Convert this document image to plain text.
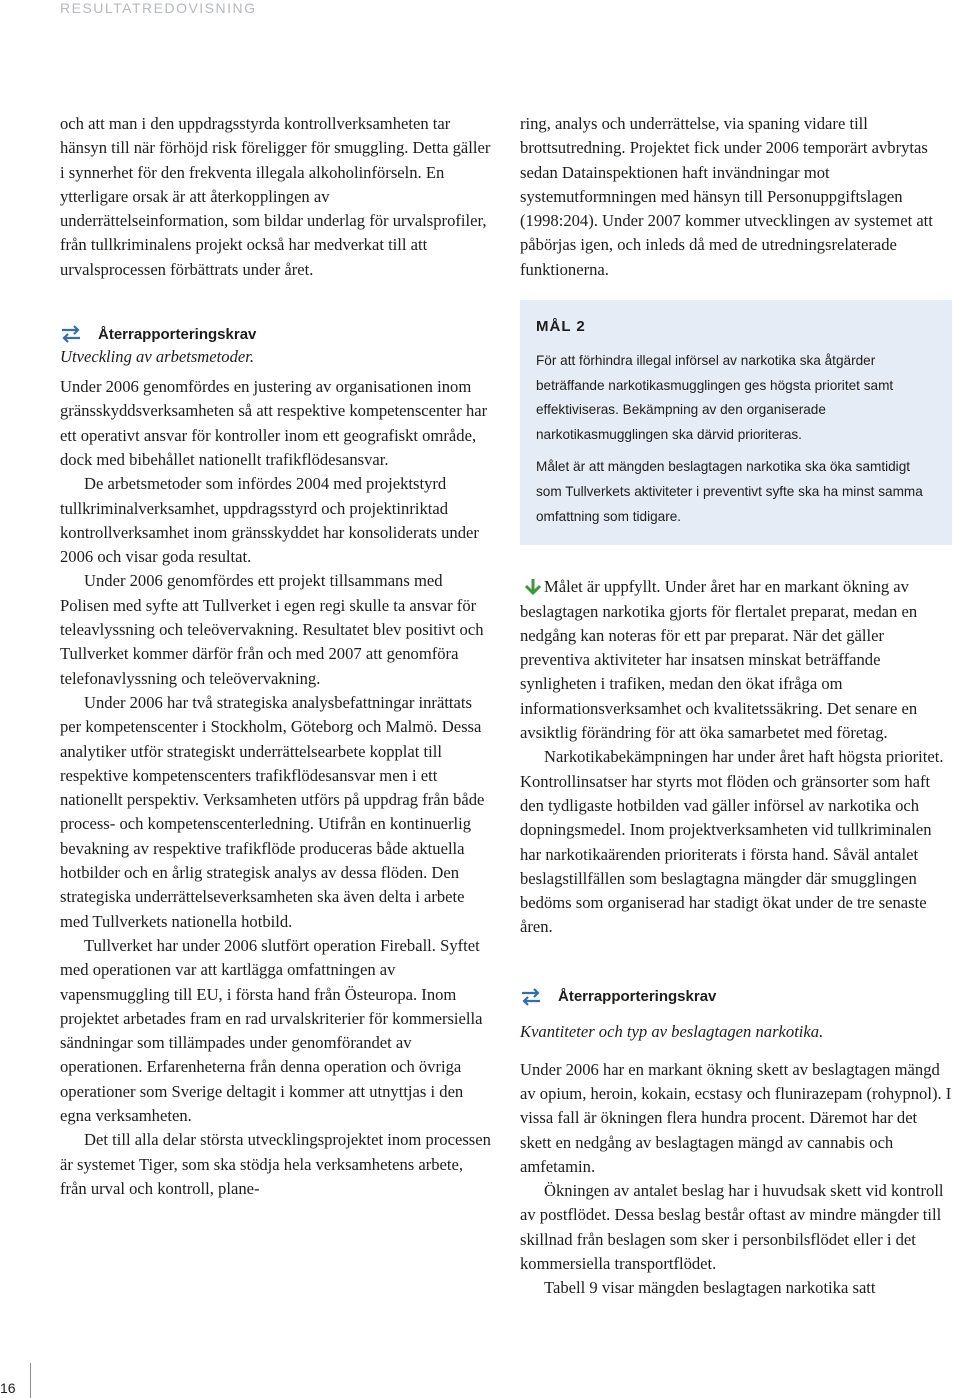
RESULTATREDOVISNING

och att man i den uppdragsstyrda kontrollverksamheten tar hänsyn till när förhöjd risk föreligger för smuggling. Detta gäller i synnerhet för den frekventa illegala alkoholinförseln. En ytterligare orsak är att återkopplingen av underrättelseinformation, som bildar underlag för urvalsprofiler, från tullkriminalens projekt också har medverkat till att urvalsprocessen förbättrats under året.

Återrapporteringskrav
Utveckling av arbetsmetoder.

Under 2006 genomfördes en justering av organisationen inom gränsskyddsverksamheten så att respektive kompetenscenter har ett operativt ansvar för kontroller inom ett geografiskt område, dock med bibehållet nationellt trafikflödesansvar.

De arbetsmetoder som infördes 2004 med projektstyrd tullkriminalverksamhet, uppdragsstyrd och projektinriktad kontrollverksamhet inom gränsskyddet har konsoliderats under 2006 och visar goda resultat.

Under 2006 genomfördes ett projekt tillsammans med Polisen med syfte att Tullverket i egen regi skulle ta ansvar för teleavlyssning och teleövervakning. Resultatet blev positivt och Tullverket kommer därför från och med 2007 att genomföra telefonavlyssning och teleövervakning.

Under 2006 har två strategiska analysbefattningar inrättats per kompetenscenter i Stockholm, Göteborg och Malmö. Dessa analytiker utför strategiskt underrättelsearbete kopplat till respektive kompetenscenters trafikflödesansvar men i ett nationellt perspektiv. Verksamheten utförs på uppdrag från både process- och kompetenscenterledning. Utifrån en kontinuerlig bevakning av respektive trafikflöde produceras både aktuella hotbilder och en årlig strategisk analys av dessa flöden. Den strategiska underrättelseverksamheten ska även delta i arbete med Tullverkets nationella hotbild.

Tullverket har under 2006 slutfört operation Fireball. Syftet med operationen var att kartlägga omfattningen av vapensmuggling till EU, i första hand från Östeuropa. Inom projektet arbetades fram en rad urvalskriterier för kommersiella sändningar som tillämpades under genomförandet av operationen. Erfarenheterna från denna operation och övriga operationer som Sverige deltagit i kommer att utnyttjas i den egna verksamheten.

Det till alla delar största utvecklingsprojektet inom processen är systemet Tiger, som ska stödja hela verksamhetens arbete, från urval och kontroll, plane-

ring, analys och underrättelse, via spaning vidare till brottsutredning. Projektet fick under 2006 temporärt avbrytas sedan Datainspektionen haft invändningar mot systemutformningen med hänsyn till Personuppgiftslagen (1998:204). Under 2007 kommer utvecklingen av systemet att påbörjas igen, och inleds då med de utredningsrelaterade funktionerna.

MÅL 2

För att förhindra illegal införsel av narkotika ska åtgärder beträffande narkotikasmugglingen ges högsta prioritet samt effektiviseras. Bekämpning av den organiserade narkotikasmugglingen ska därvid prioriteras.

Målet är att mängden beslagtagen narkotika ska öka samtidigt som Tullverkets aktiviteter i preventivt syfte ska ha minst samma omfattning som tidigare.

Målet är uppfyllt. Under året har en markant ökning av beslagtagen narkotika gjorts för flertalet preparat, medan en nedgång kan noteras för ett par preparat. När det gäller preventiva aktiviteter har insatsen minskat beträffande synligheten i trafiken, medan den ökat ifråga om informationsverksamhet och kvalitetssäkring. Det senare en avsiktlig förändring för att öka samarbetet med företag.

Narkotikabekämpningen har under året haft högsta prioritet. Kontrollinsatser har styrts mot flöden och gränsorter som haft den tydligaste hotbilden vad gäller införsel av narkotika och dopningsmedel. Inom projektverksamheten vid tullkriminalen har narkotikaärenden prioriterats i första hand. Såväl antalet beslagstillfällen som beslagtagna mängder där smugglingen bedöms som organiserad har stadigt ökat under de tre senaste åren.

Återrapporteringskrav
Kvantiteter och typ av beslagtagen narkotika.

Under 2006 har en markant ökning skett av beslagtagen mängd av opium, heroin, kokain, ecstasy och flunirazepam (rohypnol). I vissa fall är ökningen flera hundra procent. Däremot har det skett en nedgång av beslagtagen mängd av cannabis och amfetamin.

Ökningen av antalet beslag har i huvudsak skett vid kontroll av postflödet. Dessa beslag består oftast av mindre mängder till skillnad från beslagen som sker i personbilsflödet eller i det kommersiella transportflödet.

Tabell 9 visar mängden beslagtagen narkotika satt

16
